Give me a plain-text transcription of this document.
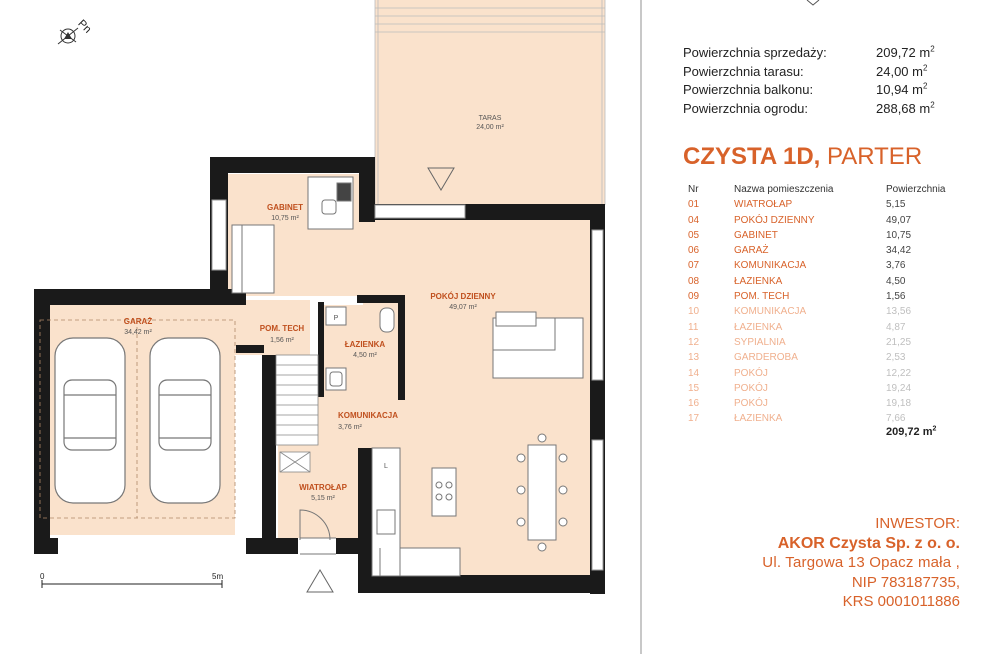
TARAS
24,00 m²
GABINET
10,75 m²
POKÓJ DZIENNY
49,07 m²
GARAŻ
34,42 m²	POM. TECH
1,56 m²	ŁAZIENKA
4,50 m²
KOMUNIKACJA
3,76 m²
WIATROŁAP
5,15 m²
P
L
Pn
0	5m
Powierzchnia sprzedaży:	209,72 $m^2$
Powierzchnia tarasu:	24,00 $m^2$
Powierzchnia balkonu:	10,94 $m^2$
Powierzchnia ogrodu:	288,68 $m^2$
CZYSTA 1D, PARTER
Nr	Nazwa pomieszczenia	Powierzchnia
01	WIATROŁAP	5,15
04	POKÓJ DZIENNY	49,07
05	GABINET	10,75
06	GARAŻ	34,42
07	KOMUNIKACJA	3,76
08	ŁAZIENKA	4,50
09	POM. TECH	1,56
10	KOMUNIKACJA	13,56
11	ŁAZIENKA	4,87
12	SYPIALNIA	21,25
13	GARDEROBA	2,53
14	POKÓJ	12,22
15	POKÓJ	19,24
16	POKÓJ	19,18
17	ŁAZIENKA	7,66
209,72 $m^2$
INWESTOR:
AKOR Czysta Sp. z o. o.
Ul. Targowa 13 Opacz mała ,
NIP 783187735,
KRS 0001011886
